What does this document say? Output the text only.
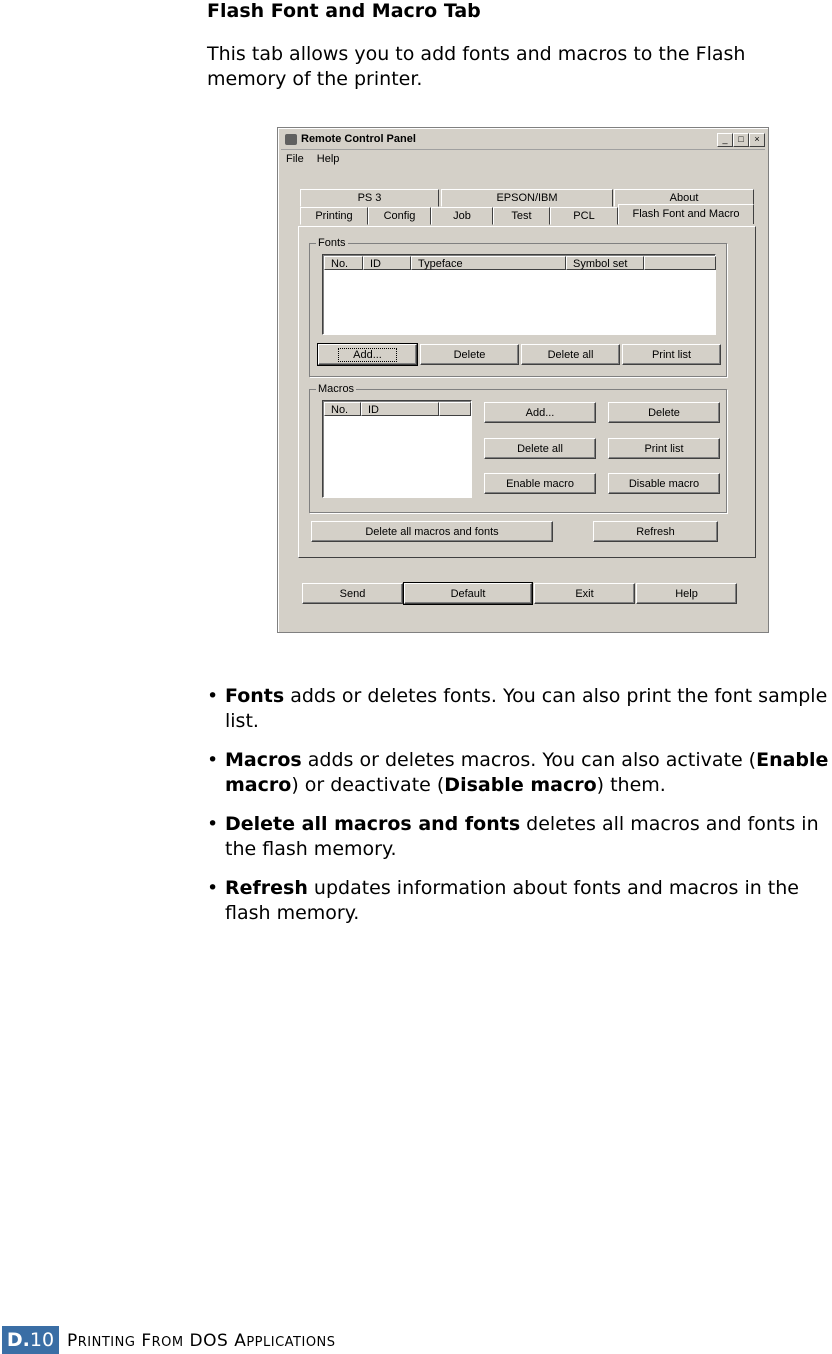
Flash Font and Macro Tab
This tab allows you to add fonts and macros to the Flash memory of the printer.
Remote Control Panel	_	□	×
File Help
PS 3	EPSON/IBM	About
Printing	Config	Job	Test	PCL	Flash Font and Macro
Fonts
No.	ID	Typeface	Symbol set
Add...	Delete	Delete all	Print list
Macros
No.	ID	Add...	Delete
Delete all	Print list
Enable macro	Disable macro
Delete all macros and fonts	Refresh
Send	Default	Exit	Help
• Fonts adds or deletes fonts. You can also print the font sample list.
• Macros adds or deletes macros. You can also activate (Enable macro) or deactivate (Disable macro) them.
• Delete all macros and fonts deletes all macros and fonts in the flash memory.
• Refresh updates information about fonts and macros in the flash memory.
D.10 PRINTING FROM DOS APPLICATIONS
